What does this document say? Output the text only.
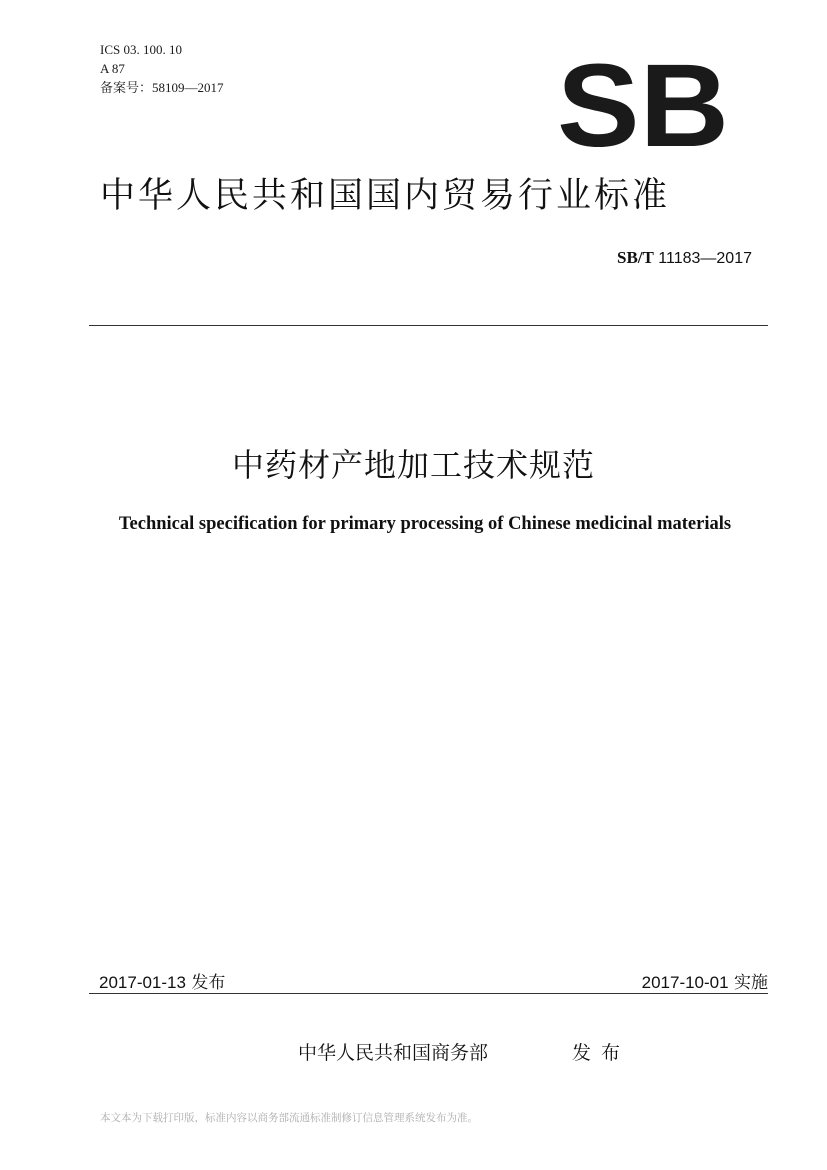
ICS 03. 100. 10
A 87
备案号：58109—2017	SB
中华人民共和国国内贸易行业标准
SB/T 11183—2017
中药材产地加工技术规范
Technical specification for primary processing of Chinese medicinal materials
2017-01-13 发布	2017-10-01 实施
中华人民共和国商务部	发布
本文本为下载打印版，标准内容以商务部流通标准制修订信息管理系统发布为准。
